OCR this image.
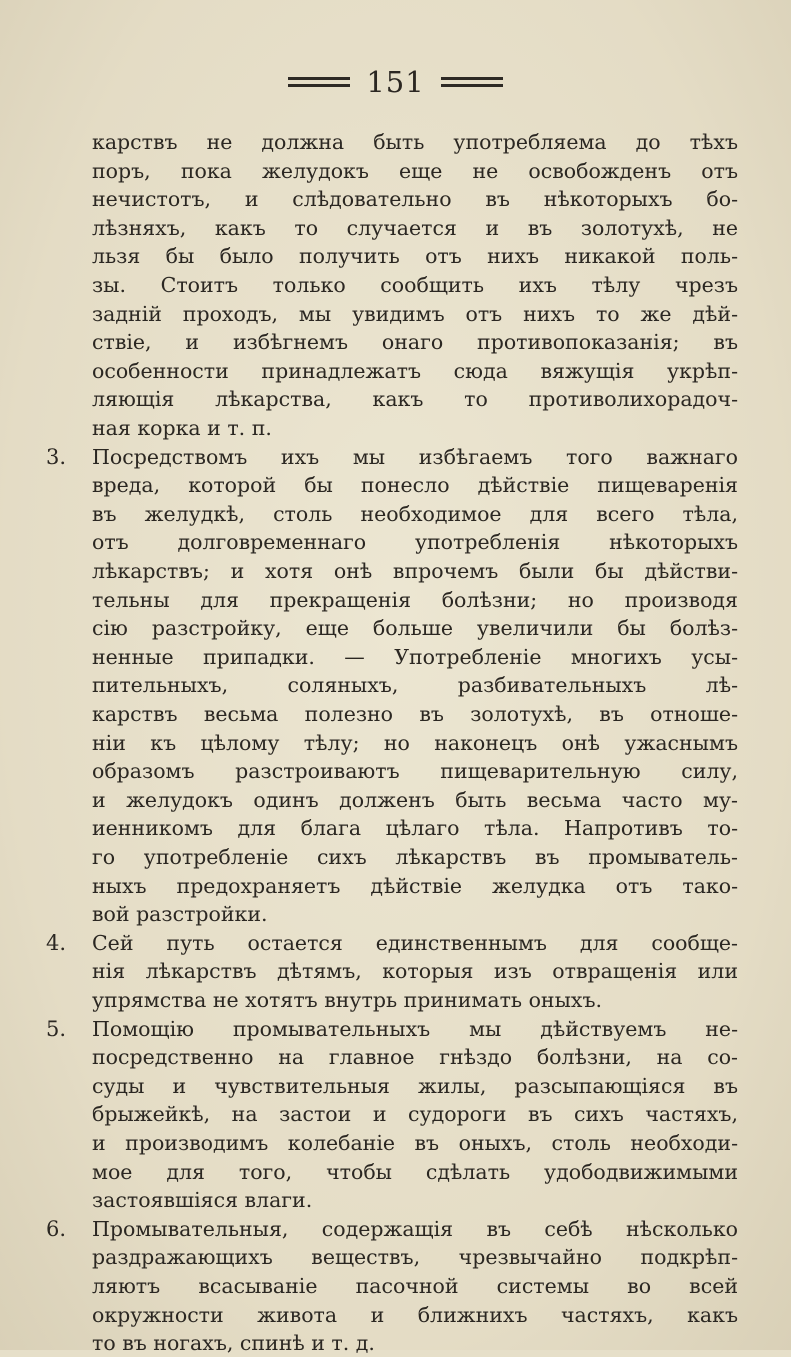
151
карствъ не должна быть употребляема до тѣхъ
поръ, пока желудокъ еще не освобожденъ отъ
нечистотъ, и слѣдовательно въ нѣкоторыхъ бо-
лѣзняхъ, какъ то случается и въ золотухѣ, не
льзя бы было получить отъ нихъ никакой поль-
зы. Стоитъ только сообщить ихъ тѣлу чрезъ
задній проходъ, мы увидимъ отъ нихъ то же дѣй-
ствіе, и избѣгнемъ онаго противопоказанія; въ
особенности принадлежатъ сюда вяжущія укрѣп-
ляющія лѣкарства, какъ то противолихорадоч-
ная корка и т. п.
3.	Посредствомъ ихъ мы избѣгаемъ того важнаго
вреда, которой бы понесло дѣйствіе пищеваренія
въ желудкѣ, столь необходимое для всего тѣла,
отъ долговременнаго употребленія нѣкоторыхъ
лѣкарствъ; и хотя онѣ впрочемъ были бы дѣйстви-
тельны для прекращенія болѣзни; но производя
сію разстройку, еще больше увеличили бы болѣз-
ненные припадки. — Употребленіе многихъ усы-
пительныхъ, соляныхъ, разбивательныхъ лѣ-
карствъ весьма полезно въ золотухѣ, въ отноше-
ніи къ цѣлому тѣлу; но наконецъ онѣ ужаснымъ
образомъ разстроиваютъ пищеварительную силу,
и желудокъ одинъ долженъ быть весьма часто му-
иенникомъ для блага цѣлаго тѣла. Напротивъ то-
го употребленіе сихъ лѣкарствъ въ промыватель-
ныхъ предохраняетъ дѣйствіе желудка отъ тако-
вой разстройки.
4.	Сей путь остается единственнымъ для сообще-
нія лѣкарствъ дѣтямъ, которыя изъ отвращенія или
упрямства не хотятъ внутрь принимать оныхъ.
5.	Помощію промывательныхъ мы дѣйствуемъ не-
посредственно на главное гнѣздо болѣзни, на со-
суды и чувствительныя жилы, разсыпающіяся въ
брыжейкѣ, на застои и судороги въ сихъ частяхъ,
и производимъ колебаніе въ оныхъ, столь необходи-
мое для того, чтобы сдѣлать удободвижимыми
застоявшіяся влаги.
6.	Промывательныя, содержащія въ себѣ нѣсколько
раздражающихъ веществъ, чрезвычайно подкрѣп-
ляютъ всасываніе пасочной системы во всей
окружности живота и ближнихъ частяхъ, какъ
то въ ногахъ, спинѣ и т. д.
